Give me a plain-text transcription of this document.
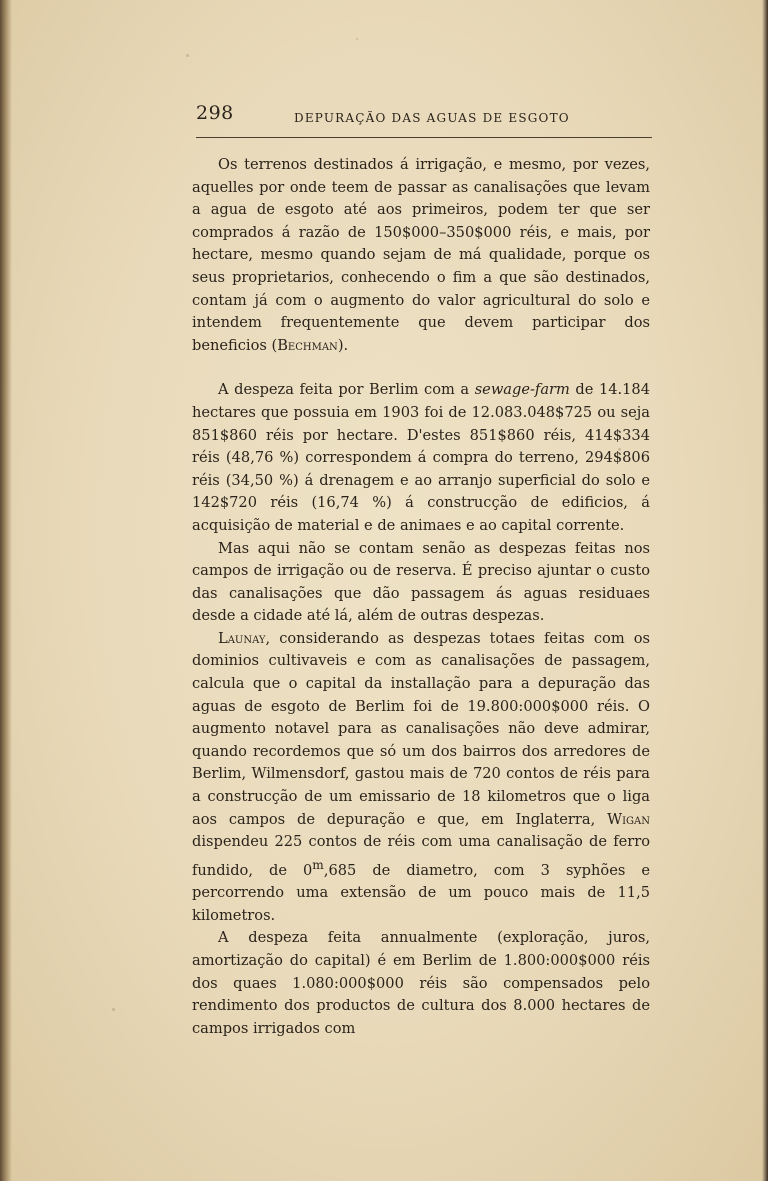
298	DEPURAÇÃO DAS AGUAS DE ESGOTO

Os terrenos destinados á irrigação, e mesmo, por vezes, aquelles por onde teem de passar as canalisações que levam a agua de esgoto até aos primeiros, podem ter que ser comprados á razão de 150$000–350$000 réis, e mais, por hectare, mesmo quando sejam de má qualidade, porque os seus proprietarios, conhecendo o fim a que são destinados, contam já com o augmento do valor agricultural do solo e intendem frequentemente que devem participar dos beneficios (Bechman).

A despeza feita por Berlim com a sewage-farm de 14.184 hectares que possuia em 1903 foi de 12.083.048$725 ou seja 851$860 réis por hectare. D'estes 851$860 réis, 414$334 réis (48,76 %) correspondem á compra do terreno, 294$806 réis (34,50 %) á drenagem e ao arranjo superficial do solo e 142$720 réis (16,74 %) á construcção de edificios, á acquisição de material e de animaes e ao capital corrente.

Mas aqui não se contam senão as despezas feitas nos campos de irrigação ou de reserva. É preciso ajuntar o custo das canalisações que dão passagem ás aguas residuaes desde a cidade até lá, além de outras despezas.

Launay, considerando as despezas totaes feitas com os dominios cultivaveis e com as canalisações de passagem, calcula que o capital da installação para a depuração das aguas de esgoto de Berlim foi de 19.800:000$000 réis. O augmento notavel para as canalisações não deve admirar, quando recordemos que só um dos bairros dos arredores de Berlim, Wilmensdorf, gastou mais de 720 contos de réis para a construcção de um emissario de 18 kilometros que o liga aos campos de depuração e que, em Inglaterra, Wigan dispendeu 225 contos de réis com uma canalisação de ferro fundido, de 0$^m$,685 de diametro, com 3 syphões e percorrendo uma extensão de um pouco mais de 11,5 kilometros.

A despeza feita annualmente (exploração, juros, amortização do capital) é em Berlim de 1.800:000$000 réis dos quaes 1.080:000$000 réis são compensados pelo rendimento dos productos de cultura dos 8.000 hectares de campos irrigados com
